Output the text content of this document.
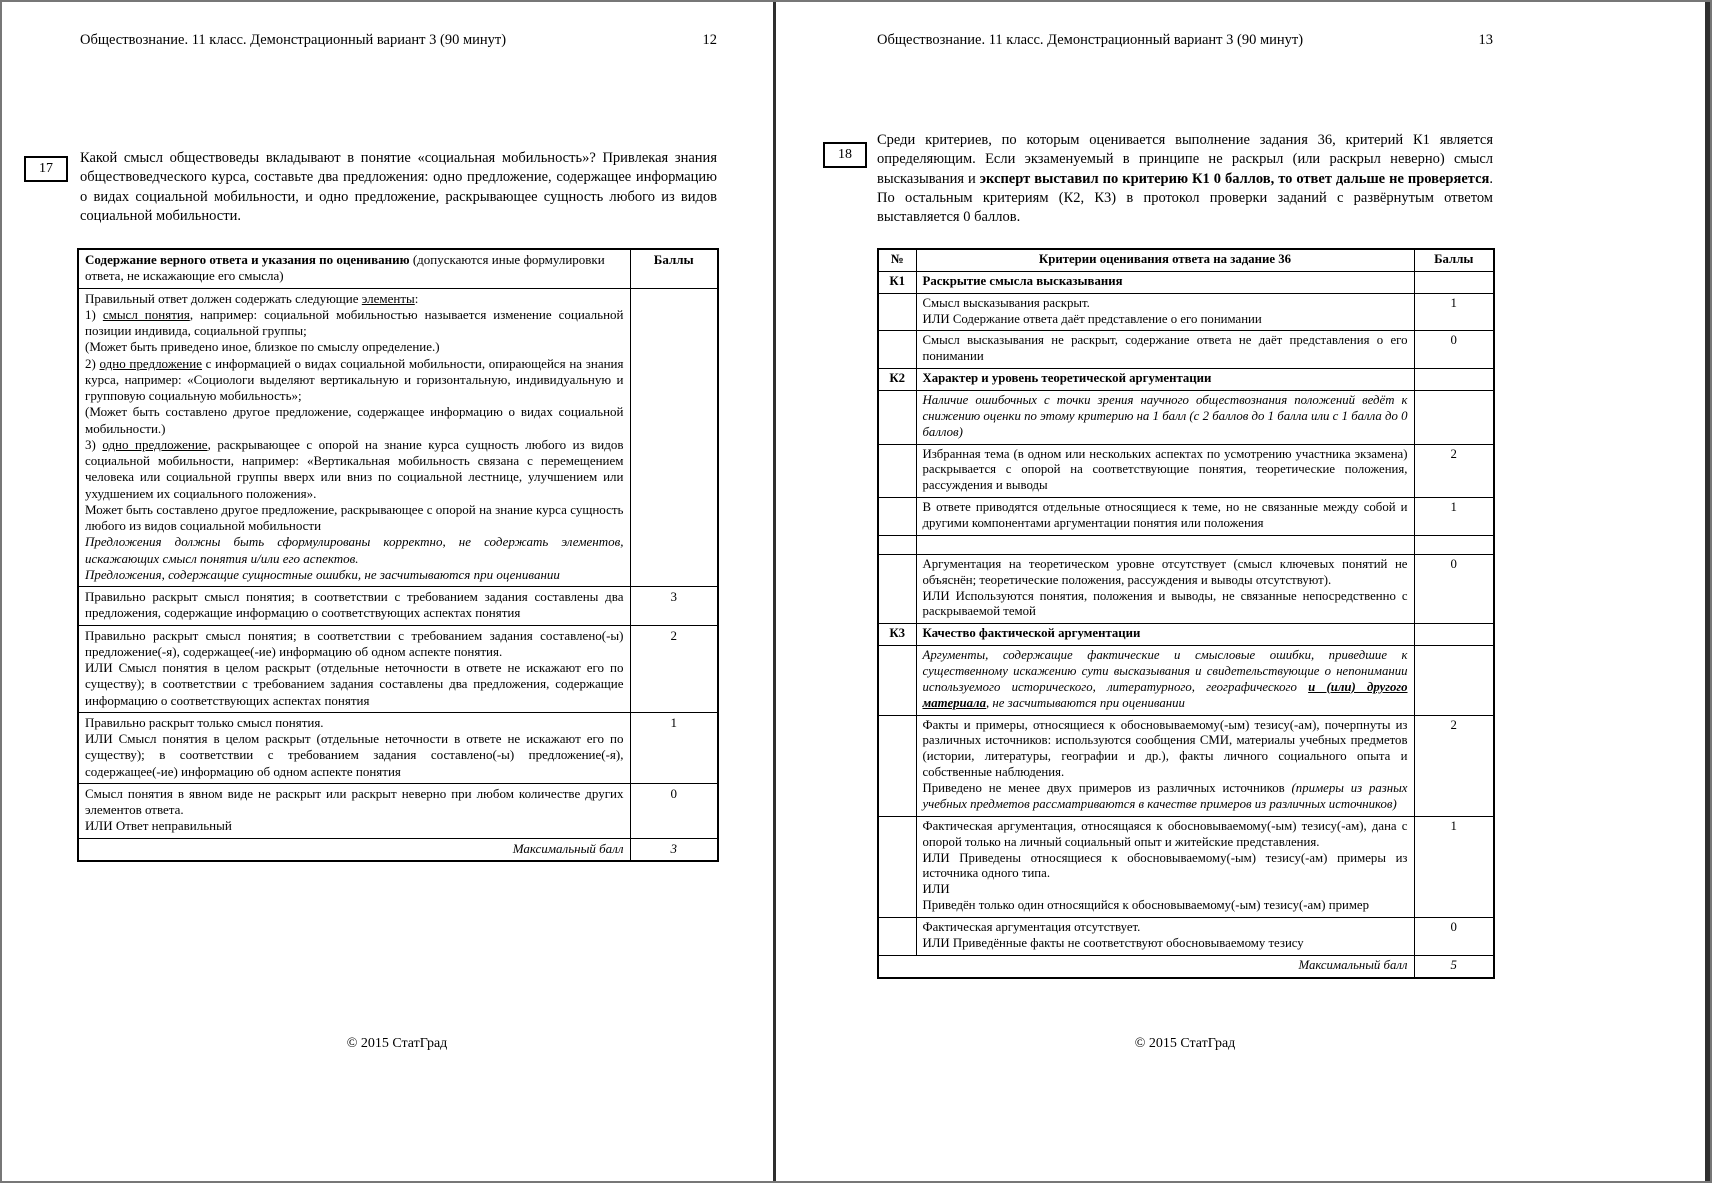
Обществознание. 11 класс. Демонстрационный вариант 3 (90 минут)	12
17

Какой смысл обществоведы вкладывают в понятие «социальная мобильность»? Привлекая знания обществоведческого курса, составьте два предложения: одно предложение, содержащее информацию о видах социальной мобильности, и одно предложение, раскрывающее сущность любого из видов социальной мобильности.

Содержание верного ответа и указания по оцениванию (допускаются иные формулировки ответа, не искажающие его смысла)	Баллы

Правильный ответ должен содержать следующие элементы:
1) смысл понятия, например: социальной мобильностью называется изменение социальной позиции индивида, социальной группы;
(Может быть приведено иное, близкое по смыслу определение.)
2) одно предложение с информацией о видах социальной мобильности, опирающейся на знания курса, например: «Социологи выделяют вертикальную и горизонтальную, индивидуальную и групповую социальную мобильность»;
(Может быть составлено другое предложение, содержащее информацию о видах социальной мобильности.)
3) одно предложение, раскрывающее с опорой на знание курса сущность любого из видов социальной мобильности, например: «Вертикальная мобильность связана с перемещением человека или социальной группы вверх или вниз по социальной лестнице, улучшением или ухудшением их социального положения».
Может быть составлено другое предложение, раскрывающее с опорой на знание курса сущность любого из видов социальной мобильности
Предложения должны быть сформулированы корректно, не содержать элементов, искажающих смысл понятия и/или его аспектов.
Предложения, содержащие сущностные ошибки, не засчитываются при оценивании

Правильно раскрыт смысл понятия; в соответствии с требованием задания составлены два предложения, содержащие информацию о соответствующих аспектах понятия	3

Правильно раскрыт смысл понятия; в соответствии с требованием задания составлено(-ы) предложение(-я), содержащее(-ие) информацию об одном аспекте понятия.
ИЛИ Смысл понятия в целом раскрыт (отдельные неточности в ответе не искажают его по существу); в соответствии с требованием задания составлены два предложения, содержащие информацию о соответствующих аспектах понятия	2

Правильно раскрыт только смысл понятия.
ИЛИ Смысл понятия в целом раскрыт (отдельные неточности в ответе не искажают его по существу); в соответствии с требованием задания составлено(-ы) предложение(-я), содержащее(-ие) информацию об одном аспекте понятия	1

Смысл понятия в явном виде не раскрыт или раскрыт неверно при любом количестве других элементов ответа.
ИЛИ Ответ неправильный	0
Максимальный балл	3
© 2015 СтатГрад
Обществознание. 11 класс. Демонстрационный вариант 3 (90 минут)	13
18

Среди критериев, по которым оценивается выполнение задания 36, критерий К1 является определяющим. Если экзаменуемый в принципе не раскрыл (или раскрыл неверно) смысл высказывания и эксперт выставил по критерию К1 0 баллов, то ответ дальше не проверяется. По остальным критериям (К2, К3) в протокол проверки заданий с развёрнутым ответом выставляется 0 баллов.

№	Критерии оценивания ответа на задание 36	Баллы
К1	Раскрытие смысла высказывания	

	Смысл высказывания раскрыт.
ИЛИ Содержание ответа даёт представление о его понимании	1

	Смысл высказывания не раскрыт, содержание ответа не даёт представления о его понимании	0
К2	Характер и уровень теоретической аргументации	
	Наличие ошибочных с точки зрения научного обществознания положений ведёт к снижению оценки по этому критерию на 1 балл (с 2 баллов до 1 балла или с 1 балла до 0 баллов)	

	Избранная тема (в одном или нескольких аспектах по усмотрению участника экзамена) раскрывается с опорой на соответствующие понятия, теоретические положения, рассуждения и выводы	2

	В ответе приводятся отдельные относящиеся к теме, но не связанные между собой и другими компонентами аргументации понятия или положения	1

	Аргументация на теоретическом уровне отсутствует (смысл ключевых понятий не объяснён; теоретические положения, рассуждения и выводы отсутствуют).
ИЛИ Используются понятия, положения и выводы, не связанные непосредственно с раскрываемой темой	0
К3	Качество фактической аргументации	
	Аргументы, содержащие фактические и смысловые ошибки, приведшие к существенному искажению сути высказывания и свидетельствующие о непонимании используемого исторического, литературного, географического и (или) другого материала, не засчитываются при оценивании	

	Факты и примеры, относящиеся к обосновываемому(-ым) тезису(-ам), почерпнуты из различных источников: используются сообщения СМИ, материалы учебных предметов (истории, литературы, географии и др.), факты личного социального опыта и собственные наблюдения.
Приведено не менее двух примеров из различных источников (примеры из разных учебных предметов рассматриваются в качестве примеров из различных источников)	2

	Фактическая аргументация, относящаяся к обосновываемому(-ым) тезису(-ам), дана с опорой только на личный социальный опыт и житейские представления.
ИЛИ Приведены относящиеся к обосновываемому(-ым) тезису(-ам) примеры из источника одного типа.
ИЛИ
Приведён только один относящийся к обосновываемому(-ым) тезису(-ам) пример	1

	Фактическая аргументация отсутствует.
ИЛИ Приведённые факты не соответствуют обосновываемому тезису	0
Максимальный балл		5
© 2015 СтатГрад
